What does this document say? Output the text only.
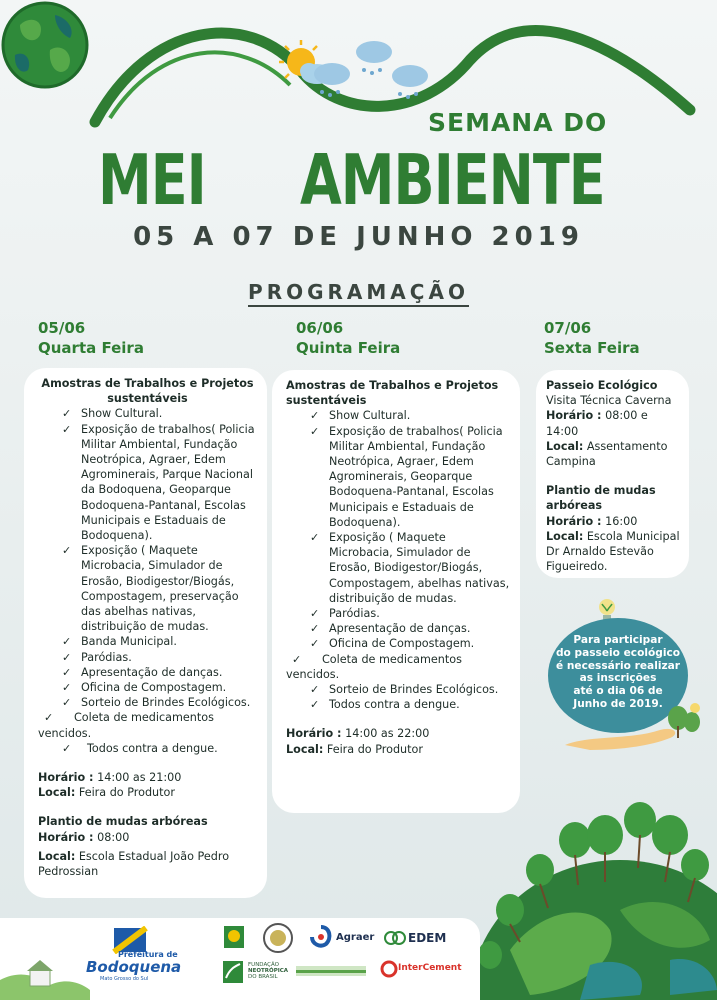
SEMANA DO
MEI AMBIENTE
05 A 07 DE JUNHO 2019
PROGRAMAÇÃO
05/06
Quarta Feira
06/06
Quinta Feira
07/06
Sexta Feira
Amostras de Trabalhos e Projetos
sustentáveis
✓ Show Cultural.
✓ Exposição de trabalhos( Policia Militar Ambiental, Fundação Neotrópica, Agraer, Edem Agrominerais, Parque Nacional da Bodoquena, Geoparque Bodoquena-Pantanal, Escolas Municipais e Estaduais de Bodoquena).
✓ Exposição ( Maquete Microbacia, Simulador de Erosão, Biodigestor/Biogás, Compostagem, preservação das abelhas nativas, distribuição de mudas.
✓ Banda Municipal.
✓ Paródias.
✓ Apresentação de danças.
✓ Oficina de Compostagem.
✓ Sorteio de Brindes Ecológicos.
✓ Coleta de medicamentos
vencidos.
✓ Todos contra a dengue.
Horário : 14:00 as 21:00
Local: Feira do Produtor
Plantio de mudas arbóreas
Horário : 08:00
Local: Escola Estadual João Pedro Pedrossian
Amostras de Trabalhos e Projetos
sustentáveis
✓ Show Cultural.
✓ Exposição de trabalhos( Policia Militar Ambiental, Fundação Neotrópica, Agraer, Edem Agrominerais, Geoparque Bodoquena-Pantanal, Escolas Municipais e Estaduais de Bodoquena).
✓ Exposição ( Maquete Microbacia, Simulador de Erosão, Biodigestor/Biogás, Compostagem, abelhas nativas, distribuição de mudas.
✓ Paródias.
✓ Apresentação de danças.
✓ Oficina de Compostagem.
✓ Coleta de medicamentos
vencidos.
✓ Sorteio de Brindes Ecológicos.
✓ Todos contra a dengue.
Horário : 14:00 as 22:00
Local: Feira do Produtor
Passeio Ecológico
Visita Técnica Caverna
Horário : 08:00 e 14:00
Local: Assentamento Campina
Plantio de mudas arbóreas
Horário : 16:00
Local: Escola Municipal Dr Arnaldo Estevão Figueiredo.
Para participar
do passeio ecológico
é necessário realizar
as inscrições
até o dia 06 de
Junho de 2019.
Prefeitura de
Bodoquena
Mato Grosso do Sul
Agraer	EDEM
FUNDAÇÃO
NEOTRÓPICA
DO BRASIL
InterCement
